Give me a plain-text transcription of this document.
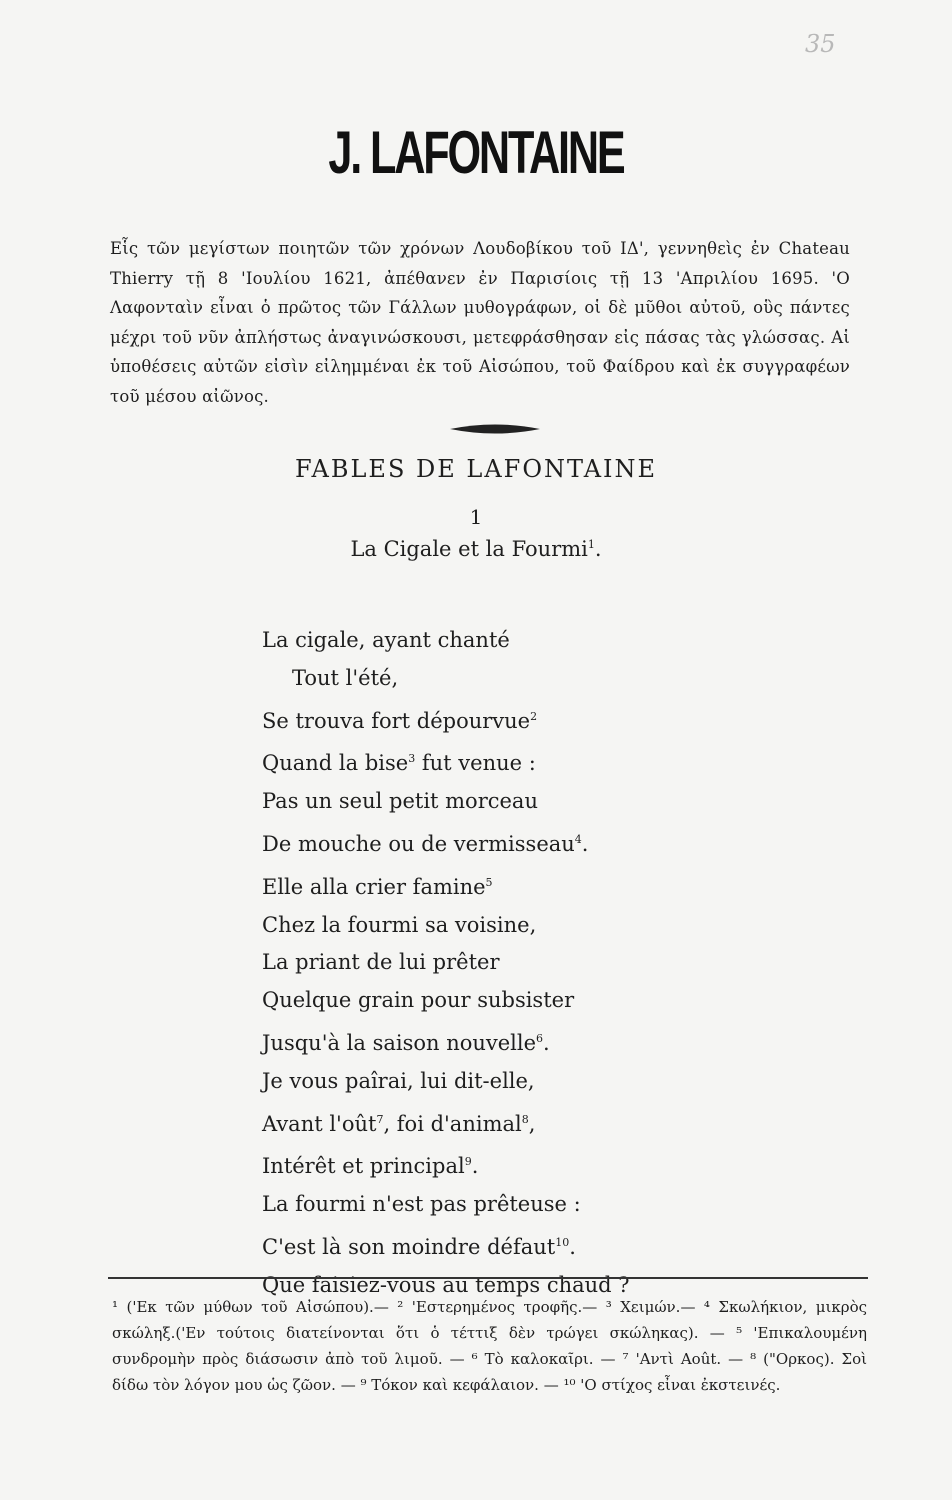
35
J. LAFONTAINE
Εἷς τῶν μεγίστων ποιητῶν τῶν χρόνων Λουδοβίκου τοῦ ΙΔ', γεννηθεὶς ἐν Chateau Thierry τῇ 8 'Ιουλίου 1621, ἀπέθανεν ἐν Παρισίοις τῇ 13 'Απριλίου 1695. 'Ο Λαφονταὶν εἶναι ὁ πρῶτος τῶν Γάλλων μυθογράφων, οἱ δὲ μῦθοι αὐτοῦ, οὓς πάντες μέχρι τοῦ νῦν ἀπλήστως ἀναγινώσκουσι, μετεφράσθησαν εἰς πάσας τὰς γλώσσας. Αἱ ὑποθέσεις αὐτῶν εἰσὶν εἰλημμέναι ἐκ τοῦ Αἰσώπου, τοῦ Φαίδρου καὶ ἐκ συγγραφέων τοῦ μέσου αἰῶνος.
FABLES DE LAFONTAINE
1
La Cigale et la Fourmi$^1$.
La cigale, ayant chanté
Tout l'été,
Se trouva fort dépourvue$^2$
Quand la bise$^3$ fut venue :
Pas un seul petit morceau
De mouche ou de vermisseau$^4$.
Elle alla crier famine$^5$
Chez la fourmi sa voisine,
La priant de lui prêter
Quelque grain pour subsister
Jusqu'à la saison nouvelle$^6$.
Je vous paîrai, lui dit-elle,
Avant l'oût$^7$, foi d'animal$^8$,
Intérêt et principal$^9$.
La fourmi n'est pas prêteuse :
C'est là son moindre défaut$^{10}$.
Que faisiez-vous au temps chaud ?
¹ ('Εκ τῶν μύθων τοῦ Αἰσώπου).— ² 'Εστερημένος τροφῆς.— ³ Χειμών.— ⁴ Σκωλήκιον, μικρὸς σκώληξ.('Εν τούτοις διατείνονται ὅτι ὁ τέττιξ δὲν τρώγει σκώληκας). — ⁵ 'Επικαλουμένη συνδρομὴν πρὸς διάσωσιν ἀπὸ τοῦ λιμοῦ. — ⁶ Τὸ καλοκαῖρι. — ⁷ 'Αντὶ Août. — ⁸ ("Ορκος). Σοὶ δίδω τὸν λόγον μου ὡς ζῶον. — ⁹ Τόκον καὶ κεφάλαιον. — ¹⁰ 'Ο στίχος εἶναι ἐκστεινές.
